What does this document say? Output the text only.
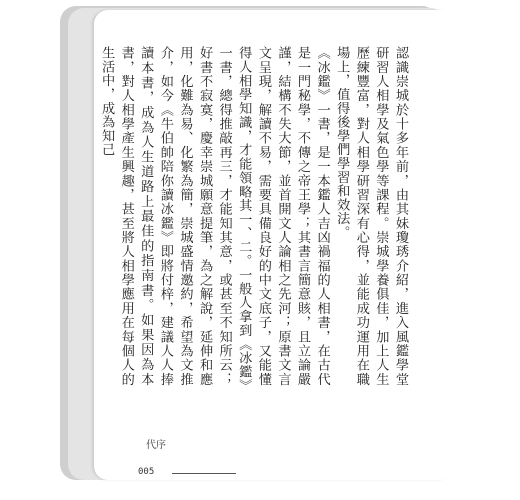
認識崇城於十多年前，由其妹瓊琇介紹，進入風鑑學堂研習人相學及氣色學等課程。崇城學養俱佳，加上人生歷練豐富，對人相學研習深有心得，並能成功運用在職場上，值得後學們學習和效法。

《冰鑑》一書，是一本鑑人吉凶禍福的人相書，在古代是一門秘學，不傳之帝王學；其書言簡意賅，且立論嚴謹，結構不失大節，並首開文人論相之先河；原書文言文呈現，解讀不易，需要具備良好的中文底子，又能懂得人相學知識，才能領略其一、二。一般人拿到《冰鑑》一書，總得推敲再三，才能知其意，或甚至不知所云；好書不寂寞，慶幸崇城願意提筆，為之解說，延伸和應用，化難為易、化繁為簡，崇城盛情邀約，希望為文推介，如今《牛伯帥陪你讀冰鑑》即將付梓，建議人人捧讀本書，成為人生道路上最佳的指南書。如果因為本書，對人相學產生興趣，甚至將人相學應用在每個人的生活中，成為知己

代序
005
